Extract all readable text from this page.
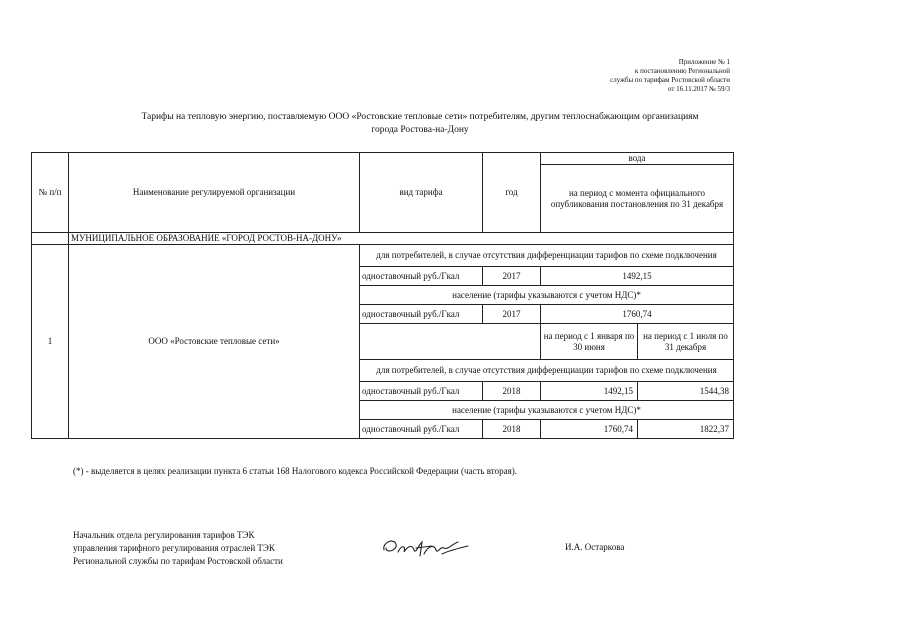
Приложение № 1
к постановлению Региональной
службы по тарифам Ростовской области
от 16.11.2017 № 59/3
Тарифы на тепловую энергию, поставляемую ООО «Ростовские тепловые сети» потребителям, другим теплоснабжающим организациям
города Ростова-на-Дону
№ п/п	Наименование регулируемой организации	вид тарифа	год	вода	
				на период с момента официального опубликования постановления по 31 декабря	
	МУНИЦИПАЛЬНОЕ ОБРАЗОВАНИЕ «ГОРОД РОСТОВ-НА-ДОНУ»				
1	ООО «Ростовские тепловые сети»	для потребителей, в случае отсутствия дифференциации тарифов по схеме подключения			
		одноставочный руб./Гкал	2017	1492,15	
		население (тарифы указываются с учетом НДС)*			
		одноставочный руб./Гкал	2017	1760,74	
				на период с 1 января по 30 июня	на период с 1 июля по 31 декабря
		для потребителей, в случае отсутствия дифференциации тарифов по схеме подключения			
		одноставочный руб./Гкал	2018	1492,15	1544,38
		население (тарифы указываются с учетом НДС)*			
		одноставочный руб./Гкал	2018	1760,74	1822,37
(*) - выделяется в целях реализации пункта 6 статьи 168 Налогового кодекса Российской Федерации (часть вторая).
Начальник отдела регулирования тарифов ТЭК
управления тарифного регулирования отраслей ТЭК
Региональной службы по тарифам Ростовской области
И.А. Остаркова
